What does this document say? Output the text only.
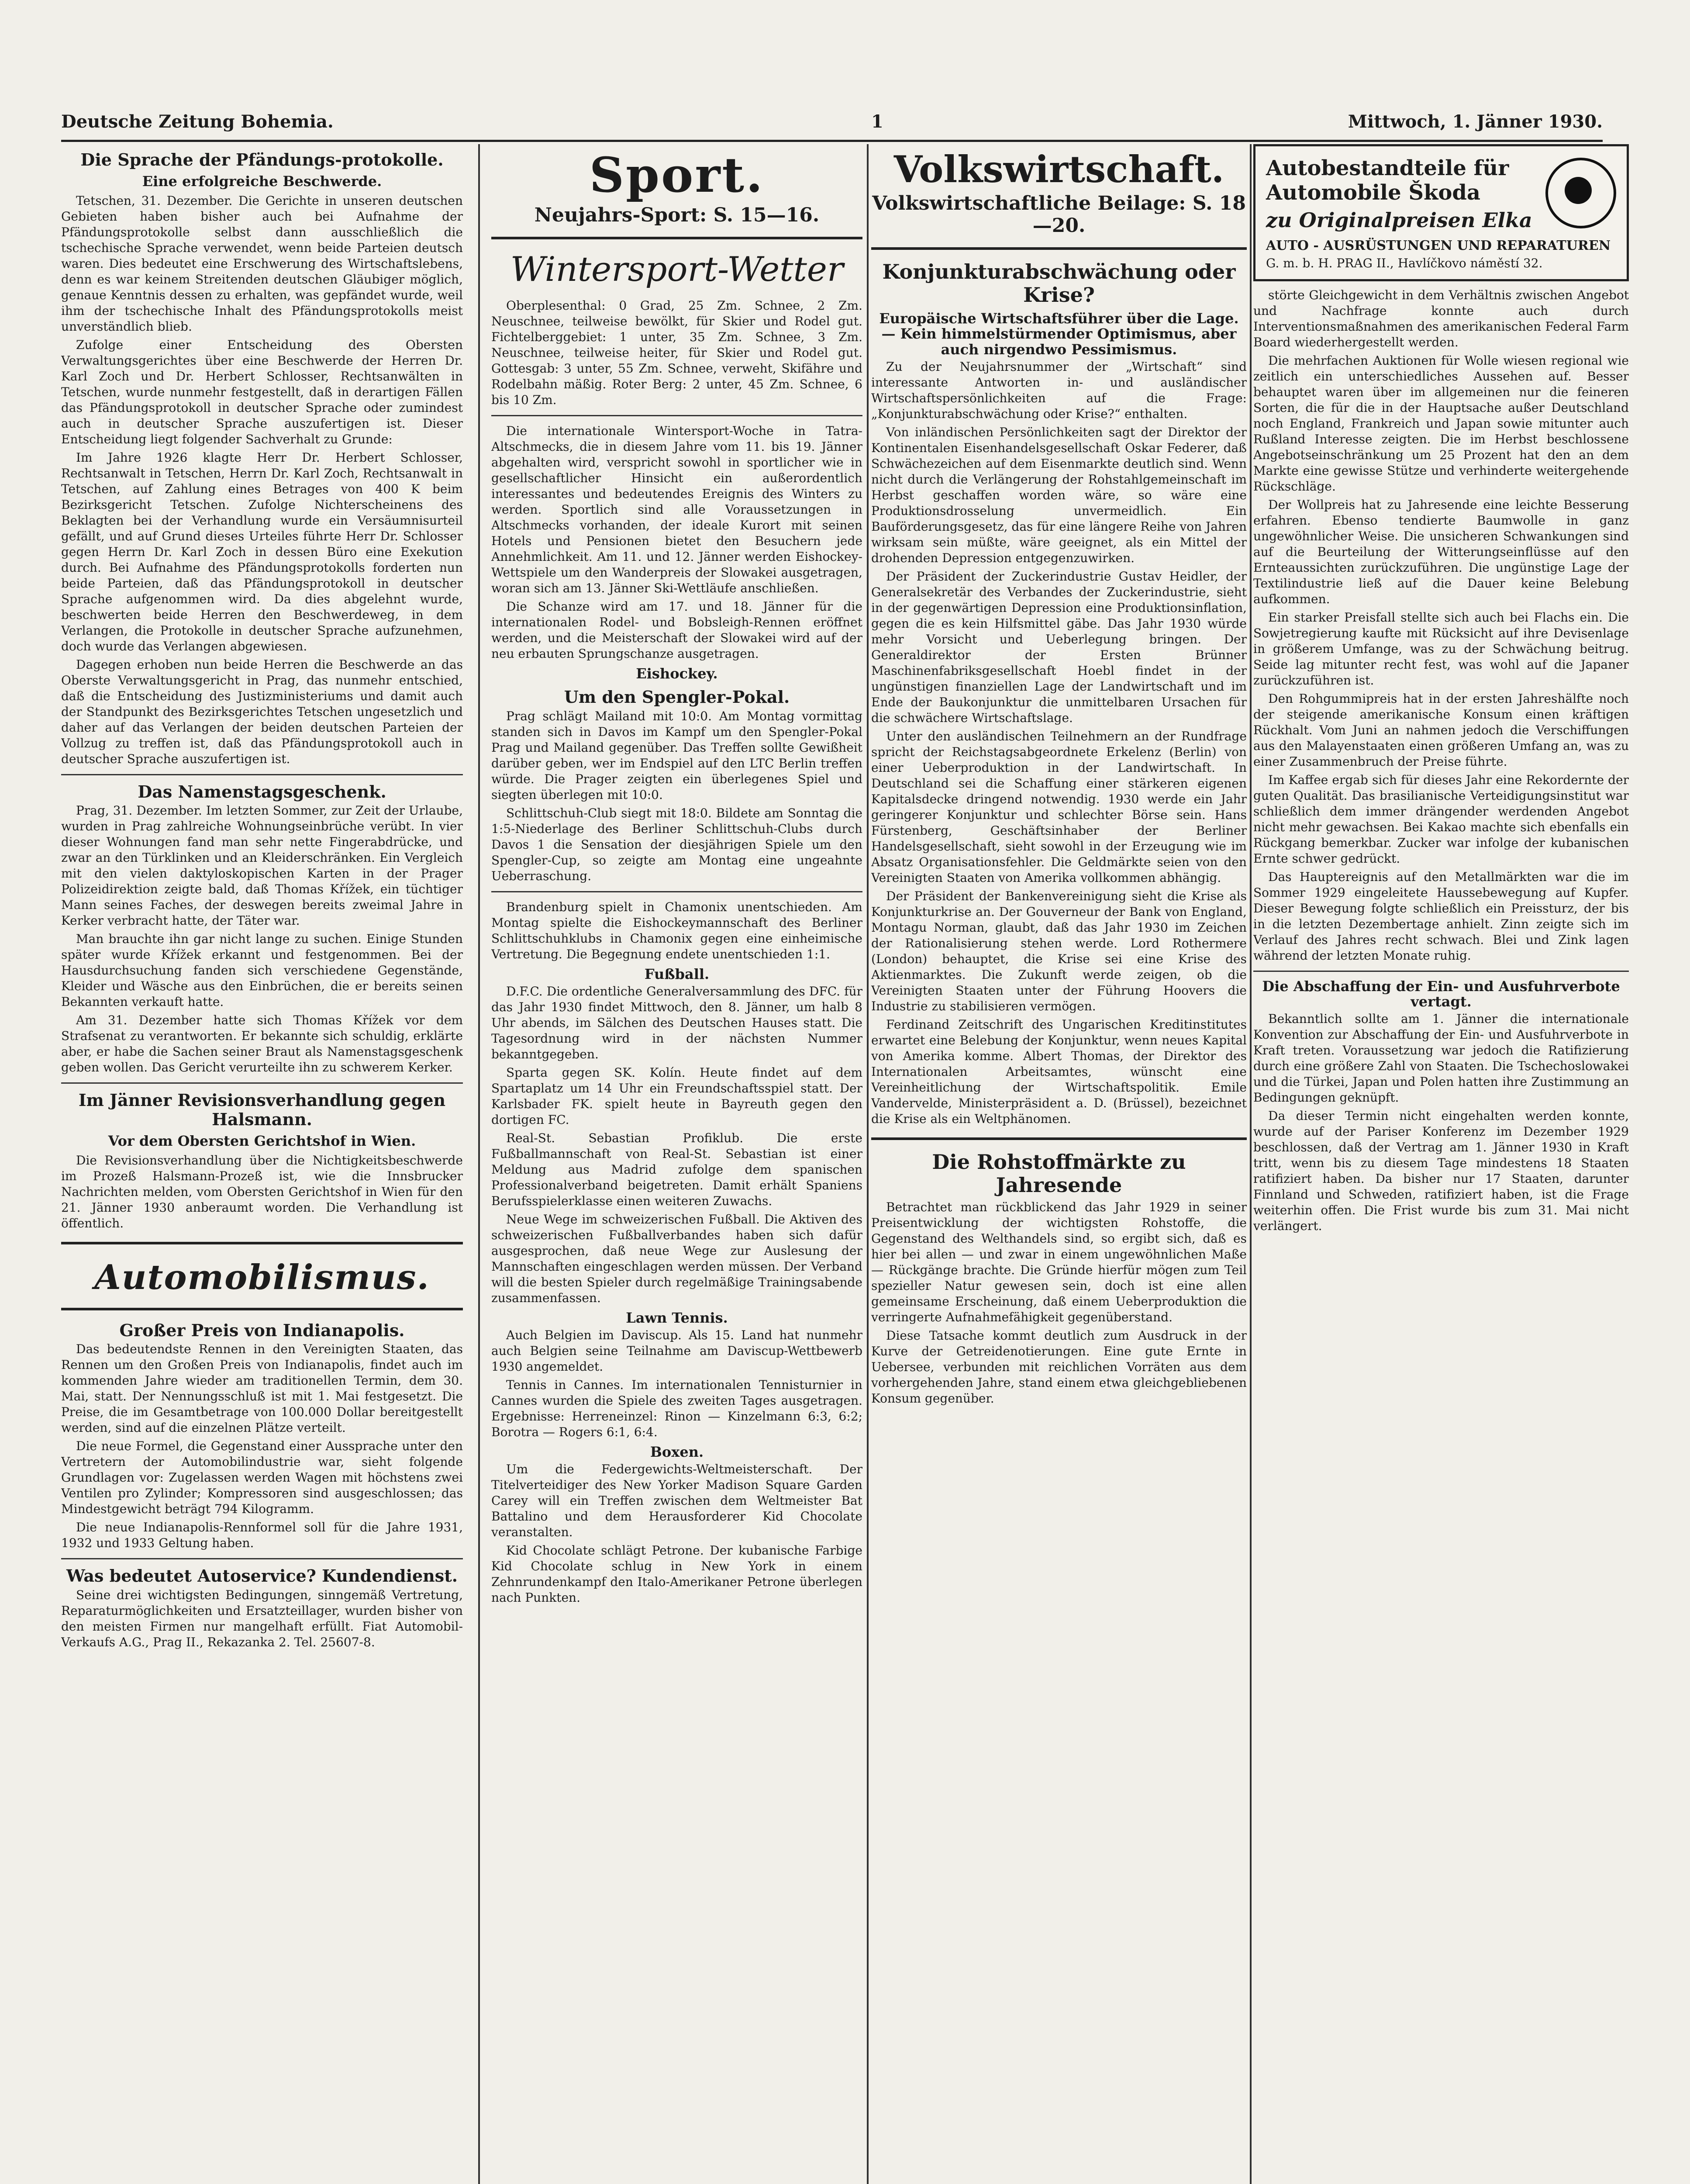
Deutsche Zeitung Bohemia.	1	Mittwoch, 1. Jänner 1930.
Die Sprache der Pfändungs-protokolle.
Eine erfolgreiche Beschwerde.

Tetschen, 31. Dezember. Die Gerichte in unseren deutschen Gebieten haben bisher auch bei Aufnahme der Pfändungsprotokolle selbst dann ausschließlich die tschechische Sprache verwendet, wenn beide Parteien deutsch waren. Dies bedeutet eine Erschwerung des Wirtschaftslebens, denn es war keinem Streitenden deutschen Gläubiger möglich, genaue Kenntnis dessen zu erhalten, was gepfändet wurde, weil ihm der tschechische Inhalt des Pfändungsprotokolls meist unverständlich blieb.

Zufolge einer Entscheidung des Obersten Verwaltungsgerichtes über eine Beschwerde der Herren Dr. Karl Zoch und Dr. Herbert Schlosser, Rechtsanwälten in Tetschen, wurde nunmehr festgestellt, daß in derartigen Fällen das Pfändungsprotokoll in deutscher Sprache oder zumindest auch in deutscher Sprache auszufertigen ist. Dieser Entscheidung liegt folgender Sachverhalt zu Grunde:

Im Jahre 1926 klagte Herr Dr. Herbert Schlosser, Rechtsanwalt in Tetschen, Herrn Dr. Karl Zoch, Rechtsanwalt in Tetschen, auf Zahlung eines Betrages von 400 K beim Bezirksgericht Tetschen. Zufolge Nichterscheinens des Beklagten bei der Verhandlung wurde ein Versäumnisurteil gefällt, und auf Grund dieses Urteiles führte Herr Dr. Schlosser gegen Herrn Dr. Karl Zoch in dessen Büro eine Exekution durch. Bei Aufnahme des Pfändungsprotokolls forderten nun beide Parteien, daß das Pfändungsprotokoll in deutscher Sprache aufgenommen wird. Da dies abgelehnt wurde, beschwerten beide Herren den Beschwerdeweg, in dem Verlangen, die Protokolle in deutscher Sprache aufzunehmen, doch wurde das Verlangen abgewiesen.

Dagegen erhoben nun beide Herren die Beschwerde an das Oberste Verwaltungsgericht in Prag, das nunmehr entschied, daß die Entscheidung des Justizministeriums und damit auch der Standpunkt des Bezirksgerichtes Tetschen ungesetzlich und daher auf das Verlangen der beiden deutschen Parteien der Vollzug zu treffen ist, daß das Pfändungsprotokoll auch in deutscher Sprache auszufertigen ist.

Das Namenstagsgeschenk.

Prag, 31. Dezember. Im letzten Sommer, zur Zeit der Urlaube, wurden in Prag zahlreiche Wohnungseinbrüche verübt. In vier dieser Wohnungen fand man sehr nette Fingerabdrücke, und zwar an den Türklinken und an Kleiderschränken. Ein Vergleich mit den vielen daktyloskopischen Karten in der Prager Polizeidirektion zeigte bald, daß Thomas Křížek, ein tüchtiger Mann seines Faches, der deswegen bereits zweimal Jahre in Kerker verbracht hatte, der Täter war.

Man brauchte ihn gar nicht lange zu suchen. Einige Stunden später wurde Křížek erkannt und festgenommen. Bei der Hausdurchsuchung fanden sich verschiedene Gegenstände, Kleider und Wäsche aus den Einbrüchen, die er bereits seinen Bekannten verkauft hatte.

Am 31. Dezember hatte sich Thomas Křížek vor dem Strafsenat zu verantworten. Er bekannte sich schuldig, erklärte aber, er habe die Sachen seiner Braut als Namenstagsgeschenk geben wollen. Das Gericht verurteilte ihn zu schwerem Kerker.

Im Jänner Revisionsverhandlung gegen Halsmann.
Vor dem Obersten Gerichtshof in Wien.

Die Revisionsverhandlung über die Nichtigkeitsbeschwerde im Prozeß Halsmann-Prozeß ist, wie die Innsbrucker Nachrichten melden, vom Obersten Gerichtshof in Wien für den 21. Jänner 1930 anberaumt worden. Die Verhandlung ist öffentlich.

Automobilismus.
Großer Preis von Indianapolis.

Das bedeutendste Rennen in den Vereinigten Staaten, das Rennen um den Großen Preis von Indianapolis, findet auch im kommenden Jahre wieder am traditionellen Termin, dem 30. Mai, statt. Der Nennungsschluß ist mit 1. Mai festgesetzt. Die Preise, die im Gesamtbetrage von 100.000 Dollar bereitgestellt werden, sind auf die einzelnen Plätze verteilt.

Die neue Formel, die Gegenstand einer Aussprache unter den Vertretern der Automobilindustrie war, sieht folgende Grundlagen vor: Zugelassen werden Wagen mit höchstens zwei Ventilen pro Zylinder; Kompressoren sind ausgeschlossen; das Mindestgewicht beträgt 794 Kilogramm.

Die neue Indianapolis-Rennformel soll für die Jahre 1931, 1932 und 1933 Geltung haben.

Was bedeutet Autoservice? Kundendienst.

Seine drei wichtigsten Bedingungen, sinngemäß Vertretung, Reparaturmöglichkeiten und Ersatzteillager, wurden bisher von den meisten Firmen nur mangelhaft erfüllt. Fiat Automobil-Verkaufs A.G., Prag II., Rekazanka 2. Tel. 25607-8.

Sport.
Neujahrs-Sport: S. 15—16.
Wintersport-Wetter

Oberplesenthal: 0 Grad, 25 Zm. Schnee, 2 Zm. Neuschnee, teilweise bewölkt, für Skier und Rodel gut. Fichtelberggebiet: 1 unter, 35 Zm. Schnee, 3 Zm. Neuschnee, teilweise heiter, für Skier und Rodel gut. Gottesgab: 3 unter, 55 Zm. Schnee, verweht, Skifähre und Rodelbahn mäßig. Roter Berg: 2 unter, 45 Zm. Schnee, 6 bis 10 Zm.

Die internationale Wintersport-Woche in Tatra-Altschmecks, die in diesem Jahre vom 11. bis 19. Jänner abgehalten wird, verspricht sowohl in sportlicher wie in gesellschaftlicher Hinsicht ein außerordentlich interessantes und bedeutendes Ereignis des Winters zu werden. Sportlich sind alle Voraussetzungen in Altschmecks vorhanden, der ideale Kurort mit seinen Hotels und Pensionen bietet den Besuchern jede Annehmlichkeit. Am 11. und 12. Jänner werden Eishockey-Wettspiele um den Wanderpreis der Slowakei ausgetragen, woran sich am 13. Jänner Ski-Wettläufe anschließen.

Die Schanze wird am 17. und 18. Jänner für die internationalen Rodel- und Bobsleigh-Rennen eröffnet werden, und die Meisterschaft der Slowakei wird auf der neu erbauten Sprungschanze ausgetragen.

Eishockey.
Um den Spengler-Pokal.

Prag schlägt Mailand mit 10:0. Am Montag vormittag standen sich in Davos im Kampf um den Spengler-Pokal Prag und Mailand gegenüber. Das Treffen sollte Gewißheit darüber geben, wer im Endspiel auf den LTC Berlin treffen würde. Die Prager zeigten ein überlegenes Spiel und siegten überlegen mit 10:0.

Schlittschuh-Club siegt mit 18:0. Bildete am Sonntag die 1:5-Niederlage des Berliner Schlittschuh-Clubs durch Davos 1 die Sensation der diesjährigen Spiele um den Spengler-Cup, so zeigte am Montag eine ungeahnte Ueberraschung.

Brandenburg spielt in Chamonix unentschieden. Am Montag spielte die Eishockeymannschaft des Berliner Schlittschuhklubs in Chamonix gegen eine einheimische Vertretung. Die Begegnung endete unentschieden 1:1.

Fußball.

D.F.C. Die ordentliche Generalversammlung des DFC. für das Jahr 1930 findet Mittwoch, den 8. Jänner, um halb 8 Uhr abends, im Sälchen des Deutschen Hauses statt. Die Tagesordnung wird in der nächsten Nummer bekanntgegeben.

Sparta gegen SK. Kolín. Heute findet auf dem Spartaplatz um 14 Uhr ein Freundschaftsspiel statt. Der Karlsbader FK. spielt heute in Bayreuth gegen den dortigen FC.

Real-St. Sebastian Profiklub. Die erste Fußballmannschaft von Real-St. Sebastian ist einer Meldung aus Madrid zufolge dem spanischen Professionalverband beigetreten. Damit erhält Spaniens Berufsspielerklasse einen weiteren Zuwachs.

Neue Wege im schweizerischen Fußball. Die Aktiven des schweizerischen Fußballverbandes haben sich dafür ausgesprochen, daß neue Wege zur Auslesung der Mannschaften eingeschlagen werden müssen. Der Verband will die besten Spieler durch regelmäßige Trainingsabende zusammenfassen.

Lawn Tennis.

Auch Belgien im Daviscup. Als 15. Land hat nunmehr auch Belgien seine Teilnahme am Daviscup-Wettbewerb 1930 angemeldet.

Tennis in Cannes. Im internationalen Tennisturnier in Cannes wurden die Spiele des zweiten Tages ausgetragen. Ergebnisse: Herreneinzel: Rinon — Kinzelmann 6:3, 6:2; Borotra — Rogers 6:1, 6:4.

Boxen.

Um die Federgewichts-Weltmeisterschaft. Der Titelverteidiger des New Yorker Madison Square Garden Carey will ein Treffen zwischen dem Weltmeister Bat Battalino und dem Herausforderer Kid Chocolate veranstalten.

Kid Chocolate schlägt Petrone. Der kubanische Farbige Kid Chocolate schlug in New York in einem Zehnrundenkampf den Italo-Amerikaner Petrone überlegen nach Punkten.

Volkswirtschaft.
Volkswirtschaftliche Beilage: S. 18—20.
Konjunkturabschwächung oder Krise?
Europäische Wirtschaftsführer über die Lage. — Kein himmelstürmender Optimismus, aber auch nirgendwo Pessimismus.

Zu der Neujahrsnummer der „Wirtschaft“ sind interessante Antworten in- und ausländischer Wirtschaftspersönlichkeiten auf die Frage: „Konjunkturabschwächung oder Krise?“ enthalten.

Von inländischen Persönlichkeiten sagt der Direktor der Kontinentalen Eisenhandelsgesellschaft Oskar Federer, daß Schwächezeichen auf dem Eisenmarkte deutlich sind. Wenn nicht durch die Verlängerung der Rohstahlgemeinschaft im Herbst geschaffen worden wäre, so wäre eine Produktionsdrosselung unvermeidlich. Ein Bauförderungsgesetz, das für eine längere Reihe von Jahren wirksam sein müßte, wäre geeignet, als ein Mittel der drohenden Depression entgegenzuwirken.

Der Präsident der Zuckerindustrie Gustav Heidler, der Generalsekretär des Verbandes der Zuckerindustrie, sieht in der gegenwärtigen Depression eine Produktionsinflation, gegen die es kein Hilfsmittel gäbe. Das Jahr 1930 würde mehr Vorsicht und Ueberlegung bringen. Der Generaldirektor der Ersten Brünner Maschinenfabriksgesellschaft Hoebl findet in der ungünstigen finanziellen Lage der Landwirtschaft und im Ende der Baukonjunktur die unmittelbaren Ursachen für die schwächere Wirtschaftslage.

Unter den ausländischen Teilnehmern an der Rundfrage spricht der Reichstagsabgeordnete Erkelenz (Berlin) von einer Ueberproduktion in der Landwirtschaft. In Deutschland sei die Schaffung einer stärkeren eigenen Kapitalsdecke dringend notwendig. 1930 werde ein Jahr geringerer Konjunktur und schlechter Börse sein. Hans Fürstenberg, Geschäftsinhaber der Berliner Handelsgesellschaft, sieht sowohl in der Erzeugung wie im Absatz Organisationsfehler. Die Geldmärkte seien von den Vereinigten Staaten von Amerika vollkommen abhängig.

Der Präsident der Bankenvereinigung sieht die Krise als Konjunkturkrise an. Der Gouverneur der Bank von England, Montagu Norman, glaubt, daß das Jahr 1930 im Zeichen der Rationalisierung stehen werde. Lord Rothermere (London) behauptet, die Krise sei eine Krise des Aktienmarktes. Die Zukunft werde zeigen, ob die Vereinigten Staaten unter der Führung Hoovers die Industrie zu stabilisieren vermögen.

Ferdinand Zeitschrift des Ungarischen Kreditinstitutes erwartet eine Belebung der Konjunktur, wenn neues Kapital von Amerika komme. Albert Thomas, der Direktor des Internationalen Arbeitsamtes, wünscht eine Vereinheitlichung der Wirtschaftspolitik. Emile Vandervelde, Ministerpräsident a. D. (Brüssel), bezeichnet die Krise als ein Weltphänomen.

Die Rohstoffmärkte zu Jahresende

Betrachtet man rückblickend das Jahr 1929 in seiner Preisentwicklung der wichtigsten Rohstoffe, die Gegenstand des Welthandels sind, so ergibt sich, daß es hier bei allen — und zwar in einem ungewöhnlichen Maße — Rückgänge brachte. Die Gründe hierfür mögen zum Teil spezieller Natur gewesen sein, doch ist eine allen gemeinsame Erscheinung, daß einem Ueberproduktion die verringerte Aufnahmefähigkeit gegenüberstand.

Diese Tatsache kommt deutlich zum Ausdruck in der Kurve der Getreidenotierungen. Eine gute Ernte in Uebersee, verbunden mit reichlichen Vorräten aus dem vorhergehenden Jahre, stand einem etwa gleichgebliebenen Konsum gegenüber.

Autobestandteile für
Automobile Škoda
zu Originalpreisen Elka
AUTO - AUSRÜSTUNGEN UND REPARATUREN
G. m. b. H. PRAG II., Havlíčkovo náměstí 32.

störte Gleichgewicht in dem Verhältnis zwischen Angebot und Nachfrage konnte auch durch Interventionsmaßnahmen des amerikanischen Federal Farm Board wiederhergestellt werden.

Die mehrfachen Auktionen für Wolle wiesen regional wie zeitlich ein unterschiedliches Aussehen auf. Besser behauptet waren über im allgemeinen nur die feineren Sorten, die für die in der Hauptsache außer Deutschland noch England, Frankreich und Japan sowie mitunter auch Rußland Interesse zeigten. Die im Herbst beschlossene Angebotseinschränkung um 25 Prozent hat den an dem Markte eine gewisse Stütze und verhinderte weitergehende Rückschläge.

Der Wollpreis hat zu Jahresende eine leichte Besserung erfahren. Ebenso tendierte Baumwolle in ganz ungewöhnlicher Weise. Die unsicheren Schwankungen sind auf die Beurteilung der Witterungseinflüsse auf den Ernteaussichten zurückzuführen. Die ungünstige Lage der Textilindustrie ließ auf die Dauer keine Belebung aufkommen.

Ein starker Preisfall stellte sich auch bei Flachs ein. Die Sowjetregierung kaufte mit Rücksicht auf ihre Devisenlage in größerem Umfange, was zu der Schwächung beitrug. Seide lag mitunter recht fest, was wohl auf die Japaner zurückzuführen ist.

Den Rohgummipreis hat in der ersten Jahreshälfte noch der steigende amerikanische Konsum einen kräftigen Rückhalt. Vom Juni an nahmen jedoch die Verschiffungen aus den Malayenstaaten einen größeren Umfang an, was zu einer Zusammenbruch der Preise führte.

Im Kaffee ergab sich für dieses Jahr eine Rekordernte der guten Qualität. Das brasilianische Verteidigungsinstitut war schließlich dem immer drängender werdenden Angebot nicht mehr gewachsen. Bei Kakao machte sich ebenfalls ein Rückgang bemerkbar. Zucker war infolge der kubanischen Ernte schwer gedrückt.

Das Hauptereignis auf den Metallmärkten war die im Sommer 1929 eingeleitete Haussebewegung auf Kupfer. Dieser Bewegung folgte schließlich ein Preissturz, der bis in die letzten Dezembertage anhielt. Zinn zeigte sich im Verlauf des Jahres recht schwach. Blei und Zink lagen während der letzten Monate ruhig.

Die Abschaffung der Ein- und Ausfuhrverbote vertagt.

Bekanntlich sollte am 1. Jänner die internationale Konvention zur Abschaffung der Ein- und Ausfuhrverbote in Kraft treten. Voraussetzung war jedoch die Ratifizierung durch eine größere Zahl von Staaten. Die Tschechoslowakei und die Türkei, Japan und Polen hatten ihre Zustimmung an Bedingungen geknüpft.

Da dieser Termin nicht eingehalten werden konnte, wurde auf der Pariser Konferenz im Dezember 1929 beschlossen, daß der Vertrag am 1. Jänner 1930 in Kraft tritt, wenn bis zu diesem Tage mindestens 18 Staaten ratifiziert haben. Da bisher nur 17 Staaten, darunter Finnland und Schweden, ratifiziert haben, ist die Frage weiterhin offen. Die Frist wurde bis zum 31. Mai nicht verlängert.
